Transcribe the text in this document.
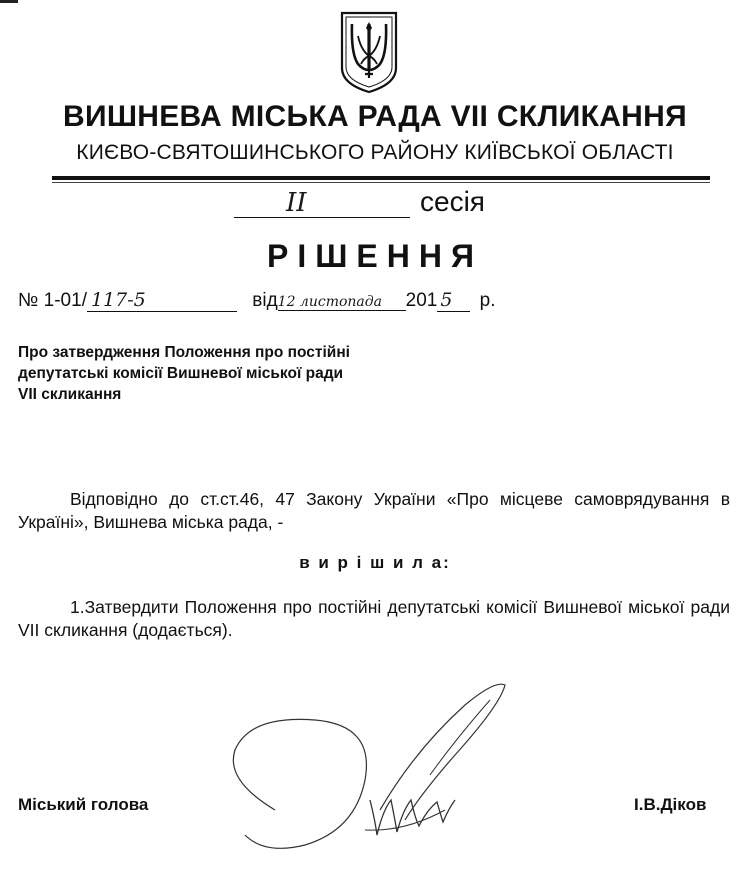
ВИШНЕВА МІСЬКА РАДА VII СКЛИКАННЯ
КИЄВО-СВЯТОШИНСЬКОГО РАЙОНУ КИЇВСЬКОЇ ОБЛАСТІ
II	сесія
РІШЕННЯ
№ 1-01/ 117-5	від12 листопада 201 5 р.
Про затвердження Положення про постійні
депутатські комісії Вишневої міської ради
VII скликання
Відповідно до ст.ст.46, 47 Закону України «Про місцеве самоврядування в Україні», Вишнева міська рада, -
в и р і ш и л а:
1.Затвердити Положення про постійні депутатські комісії Вишневої міської ради VII скликання (додається).
Міський голова	І.В.Діков
